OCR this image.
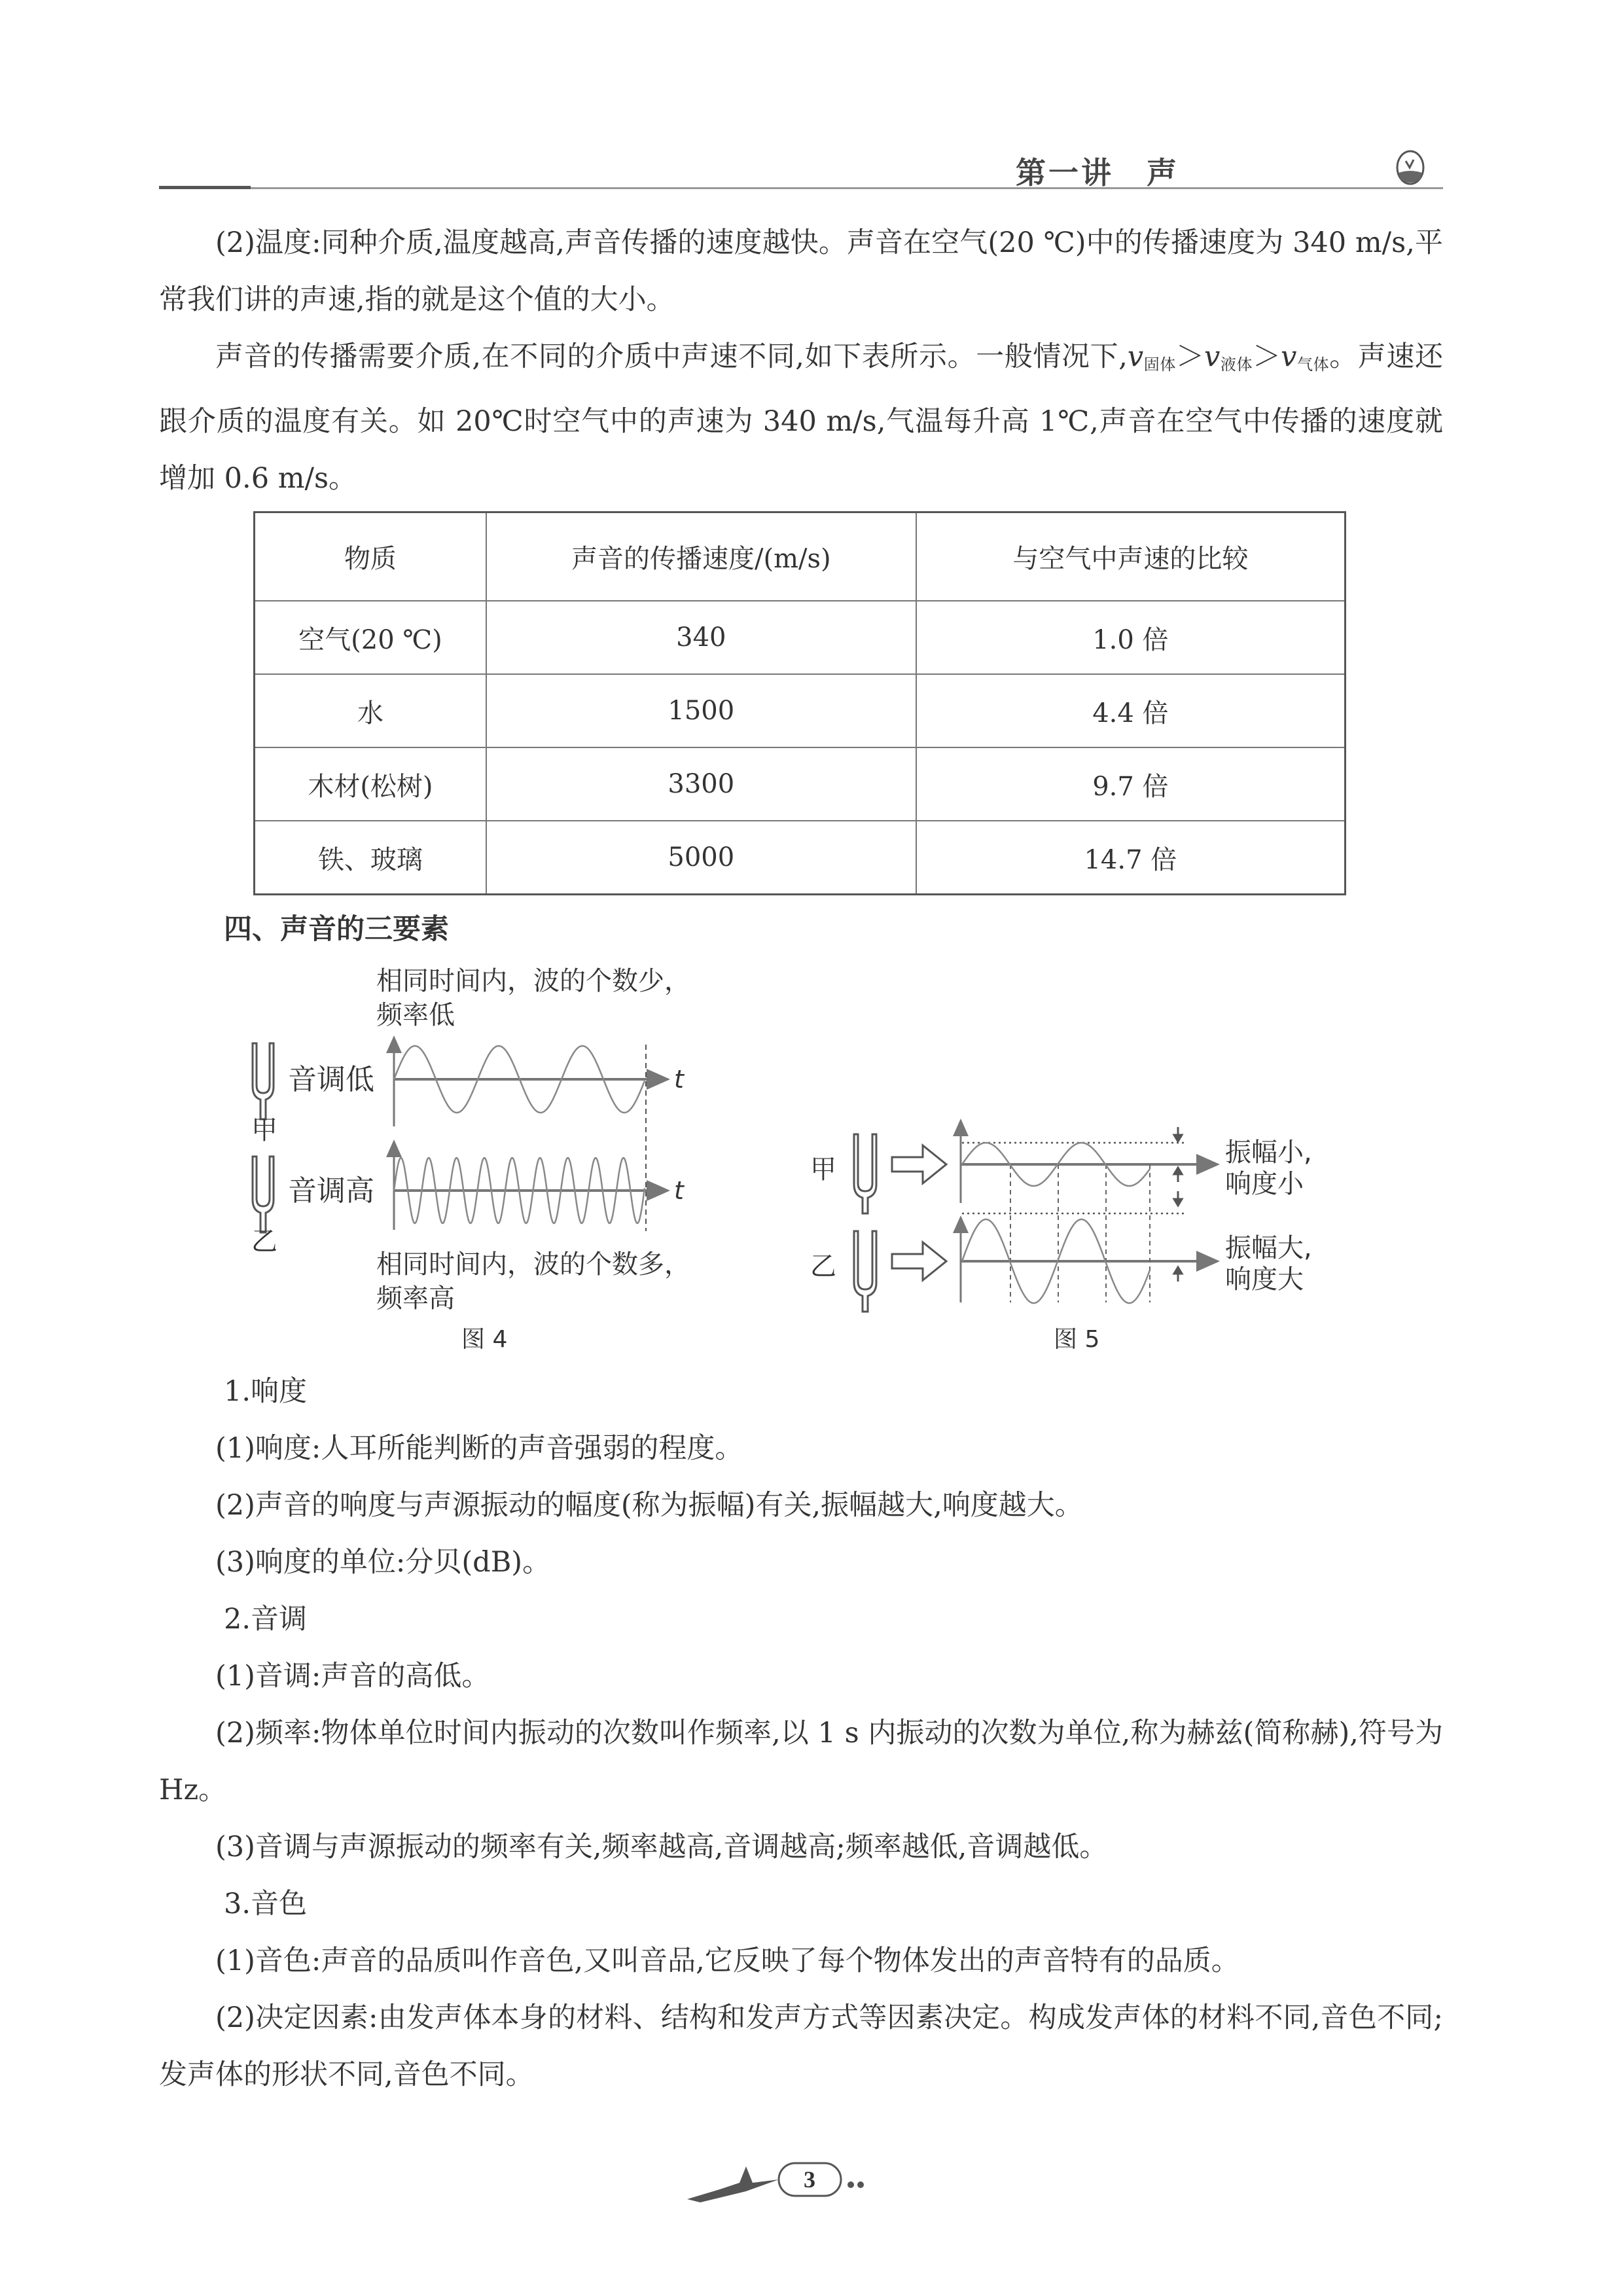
第一讲　声

(2)温度:同种介质,温度越高,声音传播的速度越快。声音在空气(20 ℃)中的传播速度为 340 m/s,平常我们讲的声速,指的就是这个值的大小。

声音的传播需要介质,在不同的介质中声速不同,如下表所示。一般情况下$,v_{固体}>v_{液体}>v_{气体}$。声速还跟介质的温度有关。如 20℃时空气中的声速为 340 m/s,气温每升高 1℃,声音在空气中传播的速度就增加 0.6 m/s。

物质	声音的传播速度/(m/s)	与空气中声速的比较
空气(20 ℃)	340	1.0 倍
水	1500	4.4 倍
木材(松树)	3300	9.7 倍
铁、玻璃	5000	14.7 倍

四、声音的三要素

相同时间内，波的个数少，
频率低
甲
音调低	t
乙
音调高	t
相同时间内，波的个数多，
频率高
图 4
甲
乙
振幅小,
响度小
振幅大,
响度大
图 5

1.响度

(1)响度:人耳所能判断的声音强弱的程度。

(2)声音的响度与声源振动的幅度(称为振幅)有关,振幅越大,响度越大。

(3)响度的单位:分贝(dB)。

2.音调

(1)音调:声音的高低。

(2)频率:物体单位时间内振动的次数叫作频率,以 1 s 内振动的次数为单位,称为赫兹(简称赫),符号为 Hz。

(3)音调与声源振动的频率有关,频率越高,音调越高;频率越低,音调越低。

3.音色

(1)音色:声音的品质叫作音色,又叫音品,它反映了每个物体发出的声音特有的品质。

(2)决定因素:由发声体本身的材料、结构和发声方式等因素决定。构成发声体的材料不同,音色不同;发声体的形状不同,音色不同。

3
